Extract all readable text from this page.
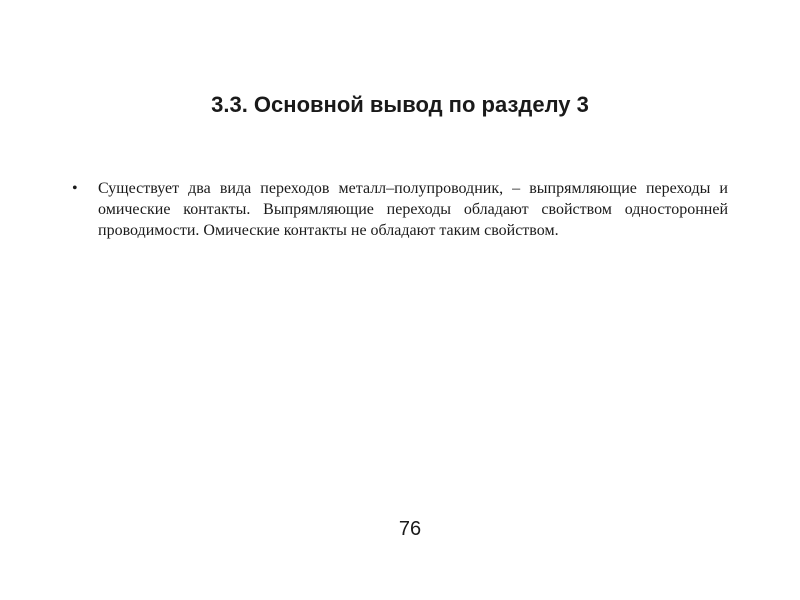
3.3. Основной вывод по разделу 3
• Существует два вида переходов металл–полупроводник, – выпрямляющие переходы и омические контакты. Выпрямляющие переходы обладают свойством односторонней проводимости. Омические контакты не обладают таким свойством.
76
